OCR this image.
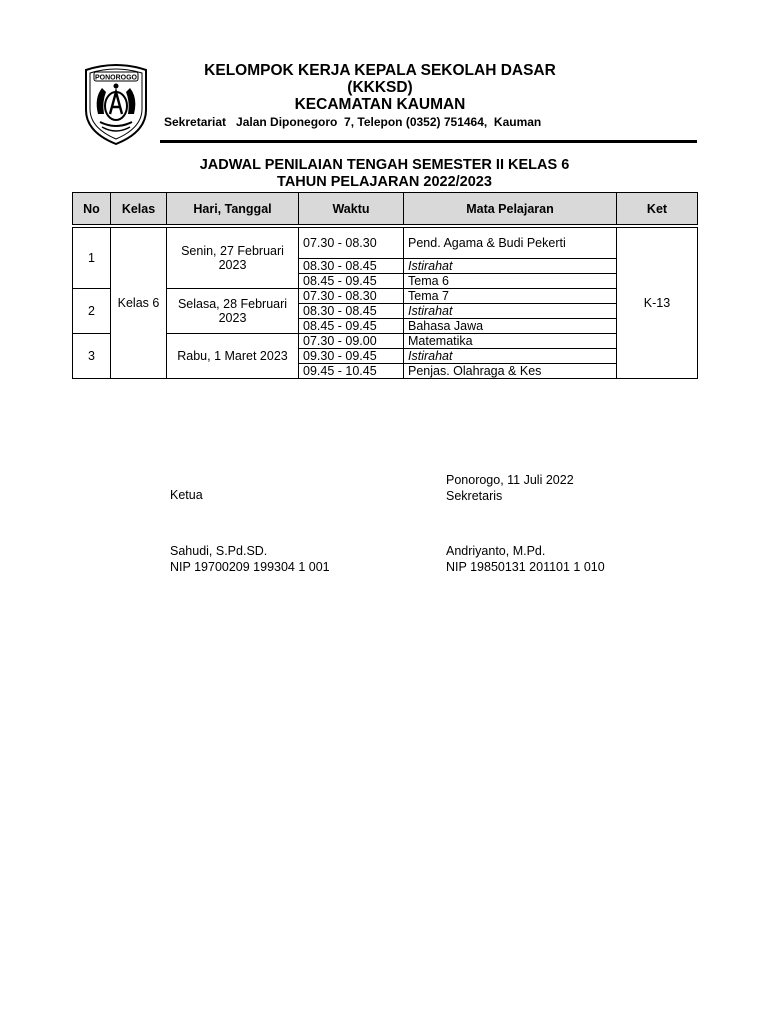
PONOROGO	KELOMPOK KERJA KEPALA SEKOLAH DASAR
(KKKSD)
KECAMATAN KAUMAN
Sekretariat   Jalan Diponegoro  7, Telepon (0352) 751464,  Kauman
JADWAL PENILAIAN TENGAH SEMESTER II KELAS 6
TAHUN PELAJARAN 2022/2023
No	Kelas	Hari, Tanggal	Waktu	Mata Pelajaran	Ket

1	Kelas 6	Senin, 27 Februari 2023	07.30 - 08.30	Pend. Agama & Budi Pekerti	K-13
			08.30 - 08.45	Istirahat	
			08.45 - 09.45	Tema 6	
2		Selasa, 28 Februari 2023	07.30 - 08.30	Tema 7	
			08.30 - 08.45	Istirahat	
			08.45 - 09.45	Bahasa Jawa	
3		Rabu, 1 Maret 2023	07.30 - 09.00	Matematika	
			09.30 - 09.45	Istirahat	
			09.45 - 10.45	Penjas. Olahraga & Kes	
Ketua
Sahudi, S.Pd.SD.
NIP 19700209 199304 1 001
Ponorogo, 11 Juli 2022
Sekretaris
Andriyanto, M.Pd.
NIP 19850131 201101 1 010
